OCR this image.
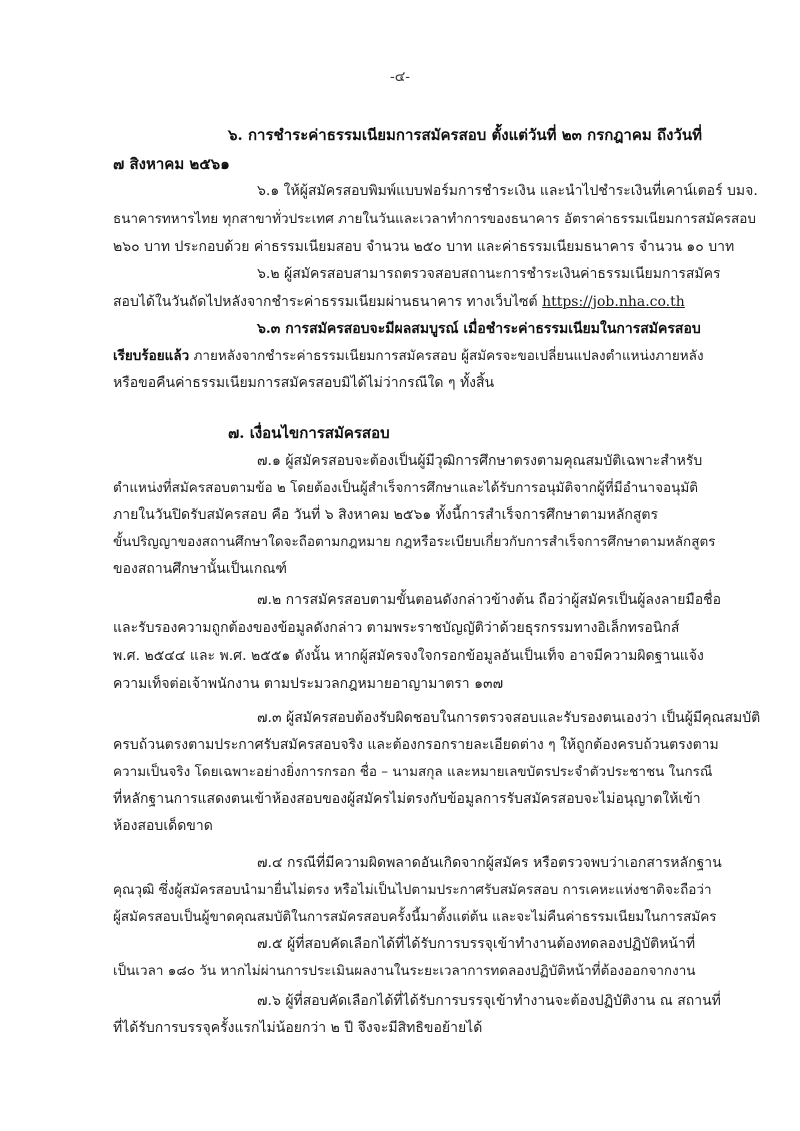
-๔-
๖. การชำระค่าธรรมเนียมการสมัครสอบ ตั้งแต่วันที่ ๒๓ กรกฎาคม ถึงวันที่
๗ สิงหาคม ๒๕๖๑
๖.๑ ให้ผู้สมัครสอบพิมพ์แบบฟอร์มการชำระเงิน และนำไปชำระเงินที่เคาน์เตอร์ บมจ.
ธนาคารทหารไทย ทุกสาขาทั่วประเทศ ภายในวันและเวลาทำการของธนาคาร อัตราค่าธรรมเนียมการสมัครสอบ
๒๖๐ บาท ประกอบด้วย ค่าธรรมเนียมสอบ จำนวน ๒๕๐ บาท และค่าธรรมเนียมธนาคาร จำนวน ๑๐ บาท
๖.๒ ผู้สมัครสอบสามารถตรวจสอบสถานะการชำระเงินค่าธรรมเนียมการสมัคร
สอบได้ในวันถัดไปหลังจากชำระค่าธรรมเนียมผ่านธนาคาร ทางเว็บไซต์ https://job.nha.co.th
๖.๓ การสมัครสอบจะมีผลสมบูรณ์ เมื่อชำระค่าธรรมเนียมในการสมัครสอบ
เรียบร้อยแล้ว ภายหลังจากชำระค่าธรรมเนียมการสมัครสอบ ผู้สมัครจะขอเปลี่ยนแปลงตำแหน่งภายหลัง
หรือขอคืนค่าธรรมเนียมการสมัครสอบมิได้ไม่ว่ากรณีใด ๆ ทั้งสิ้น
๗. เงื่อนไขการสมัครสอบ
๗.๑ ผู้สมัครสอบจะต้องเป็นผู้มีวุฒิการศึกษาตรงตามคุณสมบัติเฉพาะสำหรับ
ตำแหน่งที่สมัครสอบตามข้อ ๒ โดยต้องเป็นผู้สำเร็จการศึกษาและได้รับการอนุมัติจากผู้ที่มีอำนาจอนุมัติ
ภายในวันปิดรับสมัครสอบ คือ วันที่ ๖ สิงหาคม ๒๕๖๑ ทั้งนี้การสำเร็จการศึกษาตามหลักสูตร
ขั้นปริญญาของสถานศึกษาใดจะถือตามกฎหมาย กฎหรือระเบียบเกี่ยวกับการสำเร็จการศึกษาตามหลักสูตร
ของสถานศึกษานั้นเป็นเกณฑ์
๗.๒ การสมัครสอบตามขั้นตอนดังกล่าวข้างต้น ถือว่าผู้สมัครเป็นผู้ลงลายมือชื่อ
และรับรองความถูกต้องของข้อมูลดังกล่าว ตามพระราชบัญญัติว่าด้วยธุรกรรมทางอิเล็กทรอนิกส์
พ.ศ. ๒๕๔๔ และ พ.ศ. ๒๕๕๑ ดังนั้น หากผู้สมัครจงใจกรอกข้อมูลอันเป็นเท็จ อาจมีความผิดฐานแจ้ง
ความเท็จต่อเจ้าพนักงาน ตามประมวลกฎหมายอาญามาตรา ๑๓๗
๗.๓ ผู้สมัครสอบต้องรับผิดชอบในการตรวจสอบและรับรองตนเองว่า เป็นผู้มีคุณสมบัติ
ครบถ้วนตรงตามประกาศรับสมัครสอบจริง และต้องกรอกรายละเอียดต่าง ๆ ให้ถูกต้องครบถ้วนตรงตาม
ความเป็นจริง โดยเฉพาะอย่างยิ่งการกรอก ชื่อ – นามสกุล และหมายเลขบัตรประจำตัวประชาชน ในกรณี
ที่หลักฐานการแสดงตนเข้าห้องสอบของผู้สมัครไม่ตรงกับข้อมูลการรับสมัครสอบจะไม่อนุญาตให้เข้า
ห้องสอบเด็ดขาด
๗.๔ กรณีที่มีความผิดพลาดอันเกิดจากผู้สมัคร หรือตรวจพบว่าเอกสารหลักฐาน
คุณวุฒิ ซึ่งผู้สมัครสอบนำมายื่นไม่ตรง หรือไม่เป็นไปตามประกาศรับสมัครสอบ การเคหะแห่งชาติจะถือว่า
ผู้สมัครสอบเป็นผู้ขาดคุณสมบัติในการสมัครสอบครั้งนี้มาตั้งแต่ต้น และจะไม่คืนค่าธรรมเนียมในการสมัคร
๗.๕ ผู้ที่สอบคัดเลือกได้ที่ได้รับการบรรจุเข้าทำงานต้องทดลองปฏิบัติหน้าที่
เป็นเวลา ๑๘๐ วัน หากไม่ผ่านการประเมินผลงานในระยะเวลาการทดลองปฏิบัติหน้าที่ต้องออกจากงาน
๗.๖ ผู้ที่สอบคัดเลือกได้ที่ได้รับการบรรจุเข้าทำงานจะต้องปฏิบัติงาน ณ สถานที่
ที่ได้รับการบรรจุครั้งแรกไม่น้อยกว่า ๒ ปี จึงจะมีสิทธิขอย้ายได้
